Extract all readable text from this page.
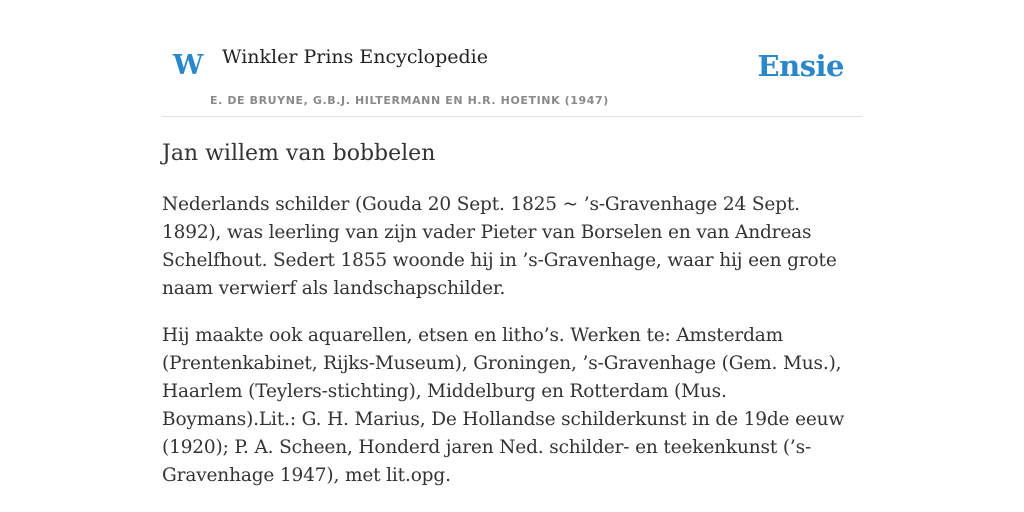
W Winkler Prins Encyclopedie
E. DE BRUYNE, G.B.J. HILTERMANN EN H.R. HOETINK (1947)
Ensie
Jan willem van bobbelen

Nederlands schilder (Gouda 20 Sept. 1825 ~ ’s-Gravenhage 24 Sept. 1892), was leerling van zijn vader Pieter van Borselen en van Andreas Schelfhout. Sedert 1855 woonde hij in ’s-Gravenhage, waar hij een grote naam verwierf als landschapschilder.

Hij maakte ook aquarellen, etsen en litho’s. Werken te: Amsterdam (Prentenkabinet, Rijks-Museum), Groningen, ’s-Gravenhage (Gem. Mus.), Haarlem (Teylers-stichting), Middelburg en Rotterdam (Mus. Boymans).Lit.: G. H. Marius, De Hollandse schilderkunst in de 19de eeuw (1920); P. A. Scheen, Honderd jaren Ned. schilder- en teekenkunst (’s-Gravenhage 1947), met lit.opg.
